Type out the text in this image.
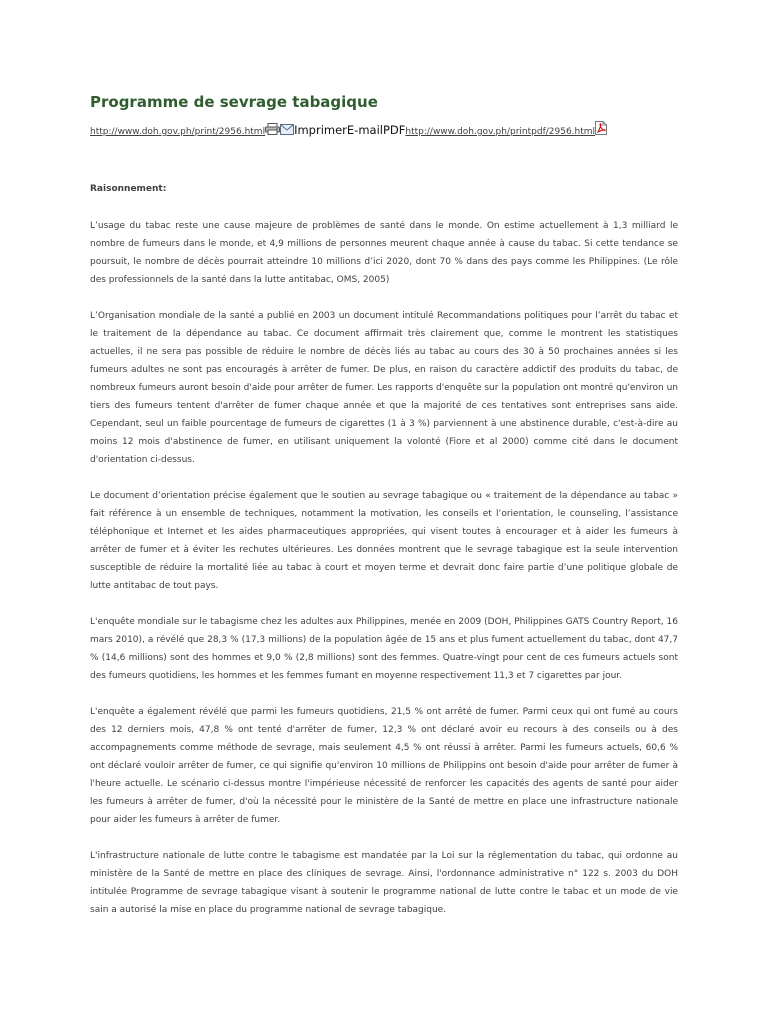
Programme de sevrage tabagique
http://www.doh.gov.ph/print/2956.html	ImprimerE-mailPDFhttp://www.doh.gov.ph/printpdf/2956.html
Raisonnement:

L’usage du tabac reste une cause majeure de problèmes de santé dans le monde. On estime actuellement à 1,3 milliard le nombre de fumeurs dans le monde, et 4,9 millions de personnes meurent chaque année à cause du tabac. Si cette tendance se poursuit, le nombre de décès pourrait atteindre 10 millions d’ici 2020, dont 70 % dans des pays comme les Philippines. (Le rôle des professionnels de la santé dans la lutte antitabac, OMS, 2005)

L’Organisation mondiale de la santé a publié en 2003 un document intitulé Recommandations politiques pour l’arrêt du tabac et le traitement de la dépendance au tabac. Ce document affirmait très clairement que, comme le montrent les statistiques actuelles, il ne sera pas possible de réduire le nombre de décès liés au tabac au cours des 30 à 50 prochaines années si les fumeurs adultes ne sont pas encouragés à arrêter de fumer. De plus, en raison du caractère addictif des produits du tabac, de nombreux fumeurs auront besoin d'aide pour arrêter de fumer. Les rapports d'enquête sur la population ont montré qu'environ un tiers des fumeurs tentent d'arrêter de fumer chaque année et que la majorité de ces tentatives sont entreprises sans aide. Cependant, seul un faible pourcentage de fumeurs de cigarettes (1 à 3 %) parviennent à une abstinence durable, c'est-à-dire au moins 12 mois d'abstinence de fumer, en utilisant uniquement la volonté (Fiore et al 2000) comme cité dans le document d'orientation ci-dessus.

Le document d’orientation précise également que le soutien au sevrage tabagique ou « traitement de la dépendance au tabac » fait référence à un ensemble de techniques, notamment la motivation, les conseils et l’orientation, le counseling, l’assistance téléphonique et Internet et les aides pharmaceutiques appropriées, qui visent toutes à encourager et à aider les fumeurs à arrêter de fumer et à éviter les rechutes ultérieures. Les données montrent que le sevrage tabagique est la seule intervention susceptible de réduire la mortalité liée au tabac à court et moyen terme et devrait donc faire partie d’une politique globale de lutte antitabac de tout pays.

L'enquête mondiale sur le tabagisme chez les adultes aux Philippines, menée en 2009 (DOH, Philippines GATS Country Report, 16 mars 2010), a révélé que 28,3 % (17,3 millions) de la population âgée de 15 ans et plus fument actuellement du tabac, dont 47,7 % (14,6 millions) sont des hommes et 9,0 % (2,8 millions) sont des femmes. Quatre-vingt pour cent de ces fumeurs actuels sont des fumeurs quotidiens, les hommes et les femmes fumant en moyenne respectivement 11,3 et 7 cigarettes par jour.

L'enquête a également révélé que parmi les fumeurs quotidiens, 21,5 % ont arrêté de fumer. Parmi ceux qui ont fumé au cours des 12 derniers mois, 47,8 % ont tenté d'arrêter de fumer, 12,3 % ont déclaré avoir eu recours à des conseils ou à des accompagnements comme méthode de sevrage, mais seulement 4,5 % ont réussi à arrêter. Parmi les fumeurs actuels, 60,6 % ont déclaré vouloir arrêter de fumer, ce qui signifie qu'environ 10 millions de Philippins ont besoin d'aide pour arrêter de fumer à l'heure actuelle. Le scénario ci-dessus montre l'impérieuse nécessité de renforcer les capacités des agents de santé pour aider les fumeurs à arrêter de fumer, d'où la nécessité pour le ministère de la Santé de mettre en place une infrastructure nationale pour aider les fumeurs à arrêter de fumer.

L'infrastructure nationale de lutte contre le tabagisme est mandatée par la Loi sur la réglementation du tabac, qui ordonne au ministère de la Santé de mettre en place des cliniques de sevrage. Ainsi, l'ordonnance administrative n° 122 s. 2003 du DOH intitulée Programme de sevrage tabagique visant à soutenir le programme national de lutte contre le tabac et un mode de vie sain a autorisé la mise en place du programme national de sevrage tabagique.
